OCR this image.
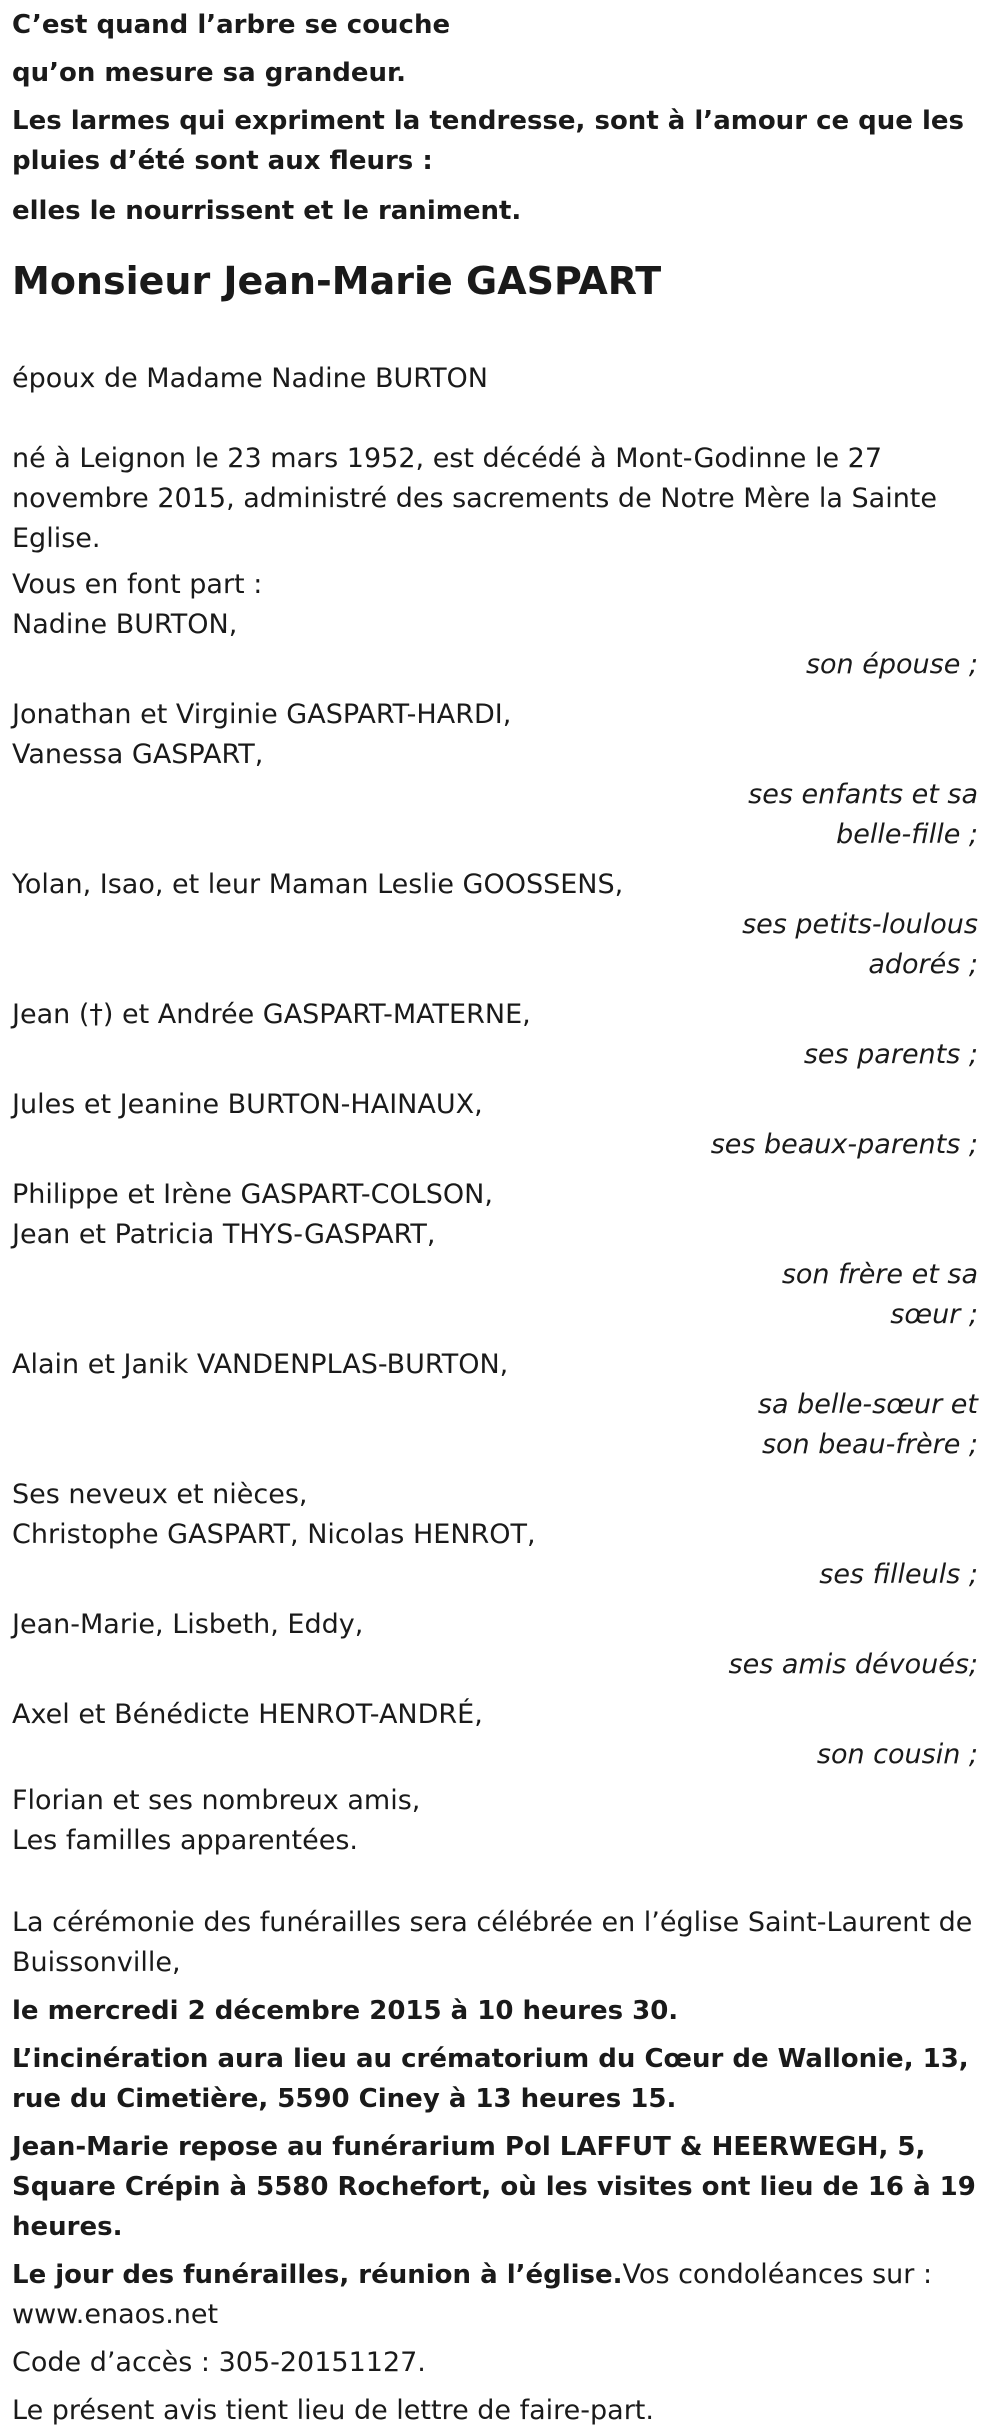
C’est quand l’arbre se couche

qu’on mesure sa grandeur.

Les larmes qui expriment la tendresse, sont à l’amour ce que les pluies d’été sont aux fleurs :

elles le nourrissent et le raniment.

Monsieur Jean-Marie GASPART

époux de Madame Nadine BURTON

né à Leignon le 23 mars 1952, est décédé à Mont-Godinne le 27 novembre 2015, administré des sacrements de Notre Mère la Sainte Eglise.

Vous en font part :

Nadine BURTON,
son épouse ;
Jonathan et Virginie GASPART-HARDI,
Vanessa GASPART,
ses enfants et sa
belle-fille ;
Yolan, Isao, et leur Maman Leslie GOOSSENS,
ses petits-loulous
adorés ;
Jean (†) et Andrée GASPART-MATERNE,
ses parents ;
Jules et Jeanine BURTON-HAINAUX,
ses beaux-parents ;
Philippe et Irène GASPART-COLSON,
Jean et Patricia THYS-GASPART,
son frère et sa
sœur ;
Alain et Janik VANDENPLAS-BURTON,
sa belle-sœur et
son beau-frère ;
Ses neveux et nièces,
Christophe GASPART, Nicolas HENROT,
ses filleuls ;
Jean-Marie, Lisbeth, Eddy,
ses amis dévoués;
Axel et Bénédicte HENROT-ANDRÉ,
son cousin ;
Florian et ses nombreux amis,
Les familles apparentées.

La cérémonie des funérailles sera célébrée en l’église Saint-Laurent de Buissonville,

le mercredi 2 décembre 2015 à 10 heures 30.

L’incinération aura lieu au crématorium du Cœur de Wallonie, 13, rue du Cimetière, 5590 Ciney à 13 heures 15.

Jean-Marie repose au funérarium Pol LAFFUT & HEERWEGH, 5, Square Crépin à 5580 Rochefort, où les visites ont lieu de 16 à 19 heures.

Le jour des funérailles, réunion à l’église.Vos condoléances sur : www.enaos.net

Code d’accès : 305-20151127.

Le présent avis tient lieu de lettre de faire-part.
